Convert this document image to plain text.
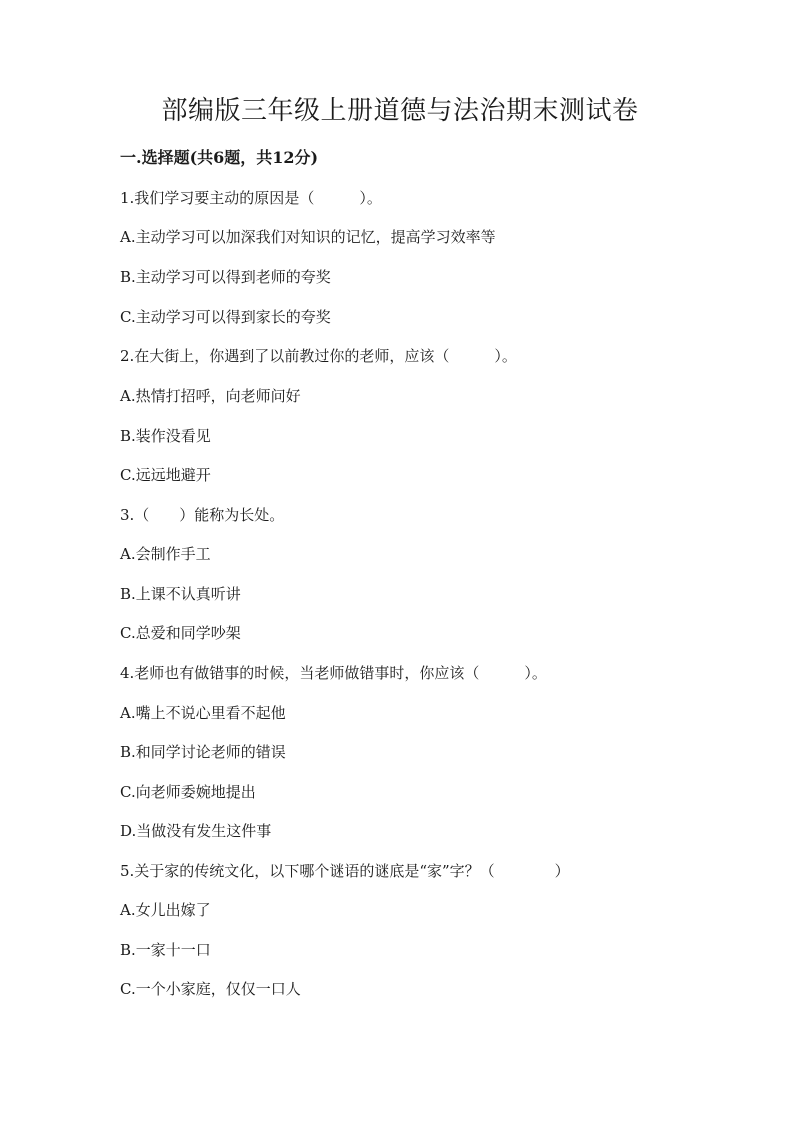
部编版三年级上册道德与法治期末测试卷
一.选择题(共6题，共12分)
1.我们学习要主动的原因是（　　　）。
A.主动学习可以加深我们对知识的记忆，提高学习效率等
B.主动学习可以得到老师的夸奖
C.主动学习可以得到家长的夸奖
2.在大街上，你遇到了以前教过你的老师，应该（　　　）。
A.热情打招呼，向老师问好
B.装作没看见
C.远远地避开
3.（　　）能称为长处。
A.会制作手工
B.上课不认真听讲
C.总爱和同学吵架
4.老师也有做错事的时候，当老师做错事时，你应该（　　　）。
A.嘴上不说心里看不起他
B.和同学讨论老师的错误
C.向老师委婉地提出
D.当做没有发生这件事
5.关于家的传统文化，以下哪个谜语的谜底是“家”字？（　　　　）
A.女儿出嫁了
B.一家十一口
C.一个小家庭，仅仅一口人
